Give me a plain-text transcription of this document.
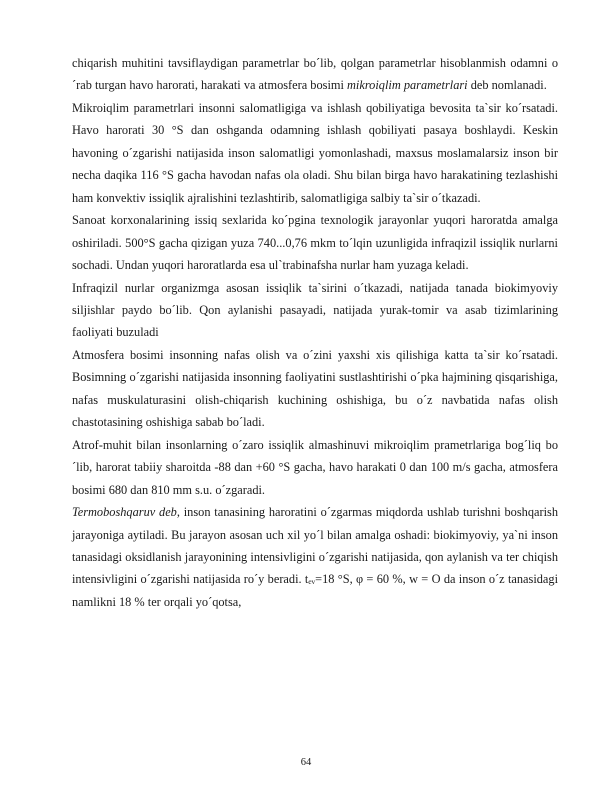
chiqarish muhitini tavsiflaydigan parametrlar bo´lib, qolgan parametrlar hisoblanmish odamni o´rab turgan havo harorati, harakati va atmosfera bosimi mikroiqlim parametrlari deb nomlanadi.

Mikroiqlim parametrlari insonni salomatligiga va ishlash qobiliyatiga bevosita ta`sir ko´rsatadi. Havo harorati 30 °S dan oshganda odamning ishlash qobiliyati pasaya boshlaydi. Keskin havoning o´zgarishi natijasida inson salomatligi yomonlashadi, maxsus moslamalarsiz inson bir necha daqika 116 °S gacha havodan nafas ola oladi. Shu bilan birga havo harakatining tezlashishi ham konvektiv issiqlik ajralishini tezlashtirib, salomatligiga salbiy ta`sir o´tkazadi.

Sanoat korxonalarining issiq sexlarida ko´pgina texnologik jarayonlar yuqori haroratda amalga oshiriladi. 500°S gacha qizigan yuza 740...0,76 mkm to´lqin uzunligida infraqizil issiqlik nurlarni sochadi. Undan yuqori haroratlarda esa ul`trabinafsha nurlar ham yuzaga keladi.

Infraqizil nurlar organizmga asosan issiqlik ta`sirini o´tkazadi, natijada tanada biokimyoviy siljishlar paydo bo´lib. Qon aylanishi pasayadi, natijada yurak-tomir va asab tizimlarining faoliyati buzuladi

Atmosfera bosimi insonning nafas olish va o´zini yaxshi xis qilishiga katta ta`sir ko´rsatadi. Bosimning o´zgarishi natijasida insonning faoliyatini sustlashtirishi o´pka hajmining qisqarishiga, nafas muskulaturasini olish-chiqarish kuchining oshishiga, bu o´z navbatida nafas olish chastotasining oshishiga sabab bo´ladi.

Atrof-muhit bilan insonlarning o´zaro issiqlik almashinuvi mikroiqlim prametrlariga bog´liq bo´lib, harorat tabiiy sharoitda -88 dan +60 °S gacha, havo harakati 0 dan 100 m/s gacha, atmosfera bosimi 680 dan 810 mm s.u. o´zgaradi.

Termoboshqaruv deb, inson tanasining haroratini o´zgarmas miqdorda ushlab turishni boshqarish jarayoniga aytiladi. Bu jarayon asosan uch xil yo´l bilan amalga oshadi: biokimyoviy, ya`ni inson tanasidagi oksidlanish jarayonining intensivligini o´zgarishi natijasida, qon aylanish va ter chiqish intensivligini o´zgarishi natijasida ro´y beradi. tₑᵥ=18 °S, φ = 60 %, w = O da inson o´z tanasidagi namlikni 18 % ter orqali yo´qotsa,

64
